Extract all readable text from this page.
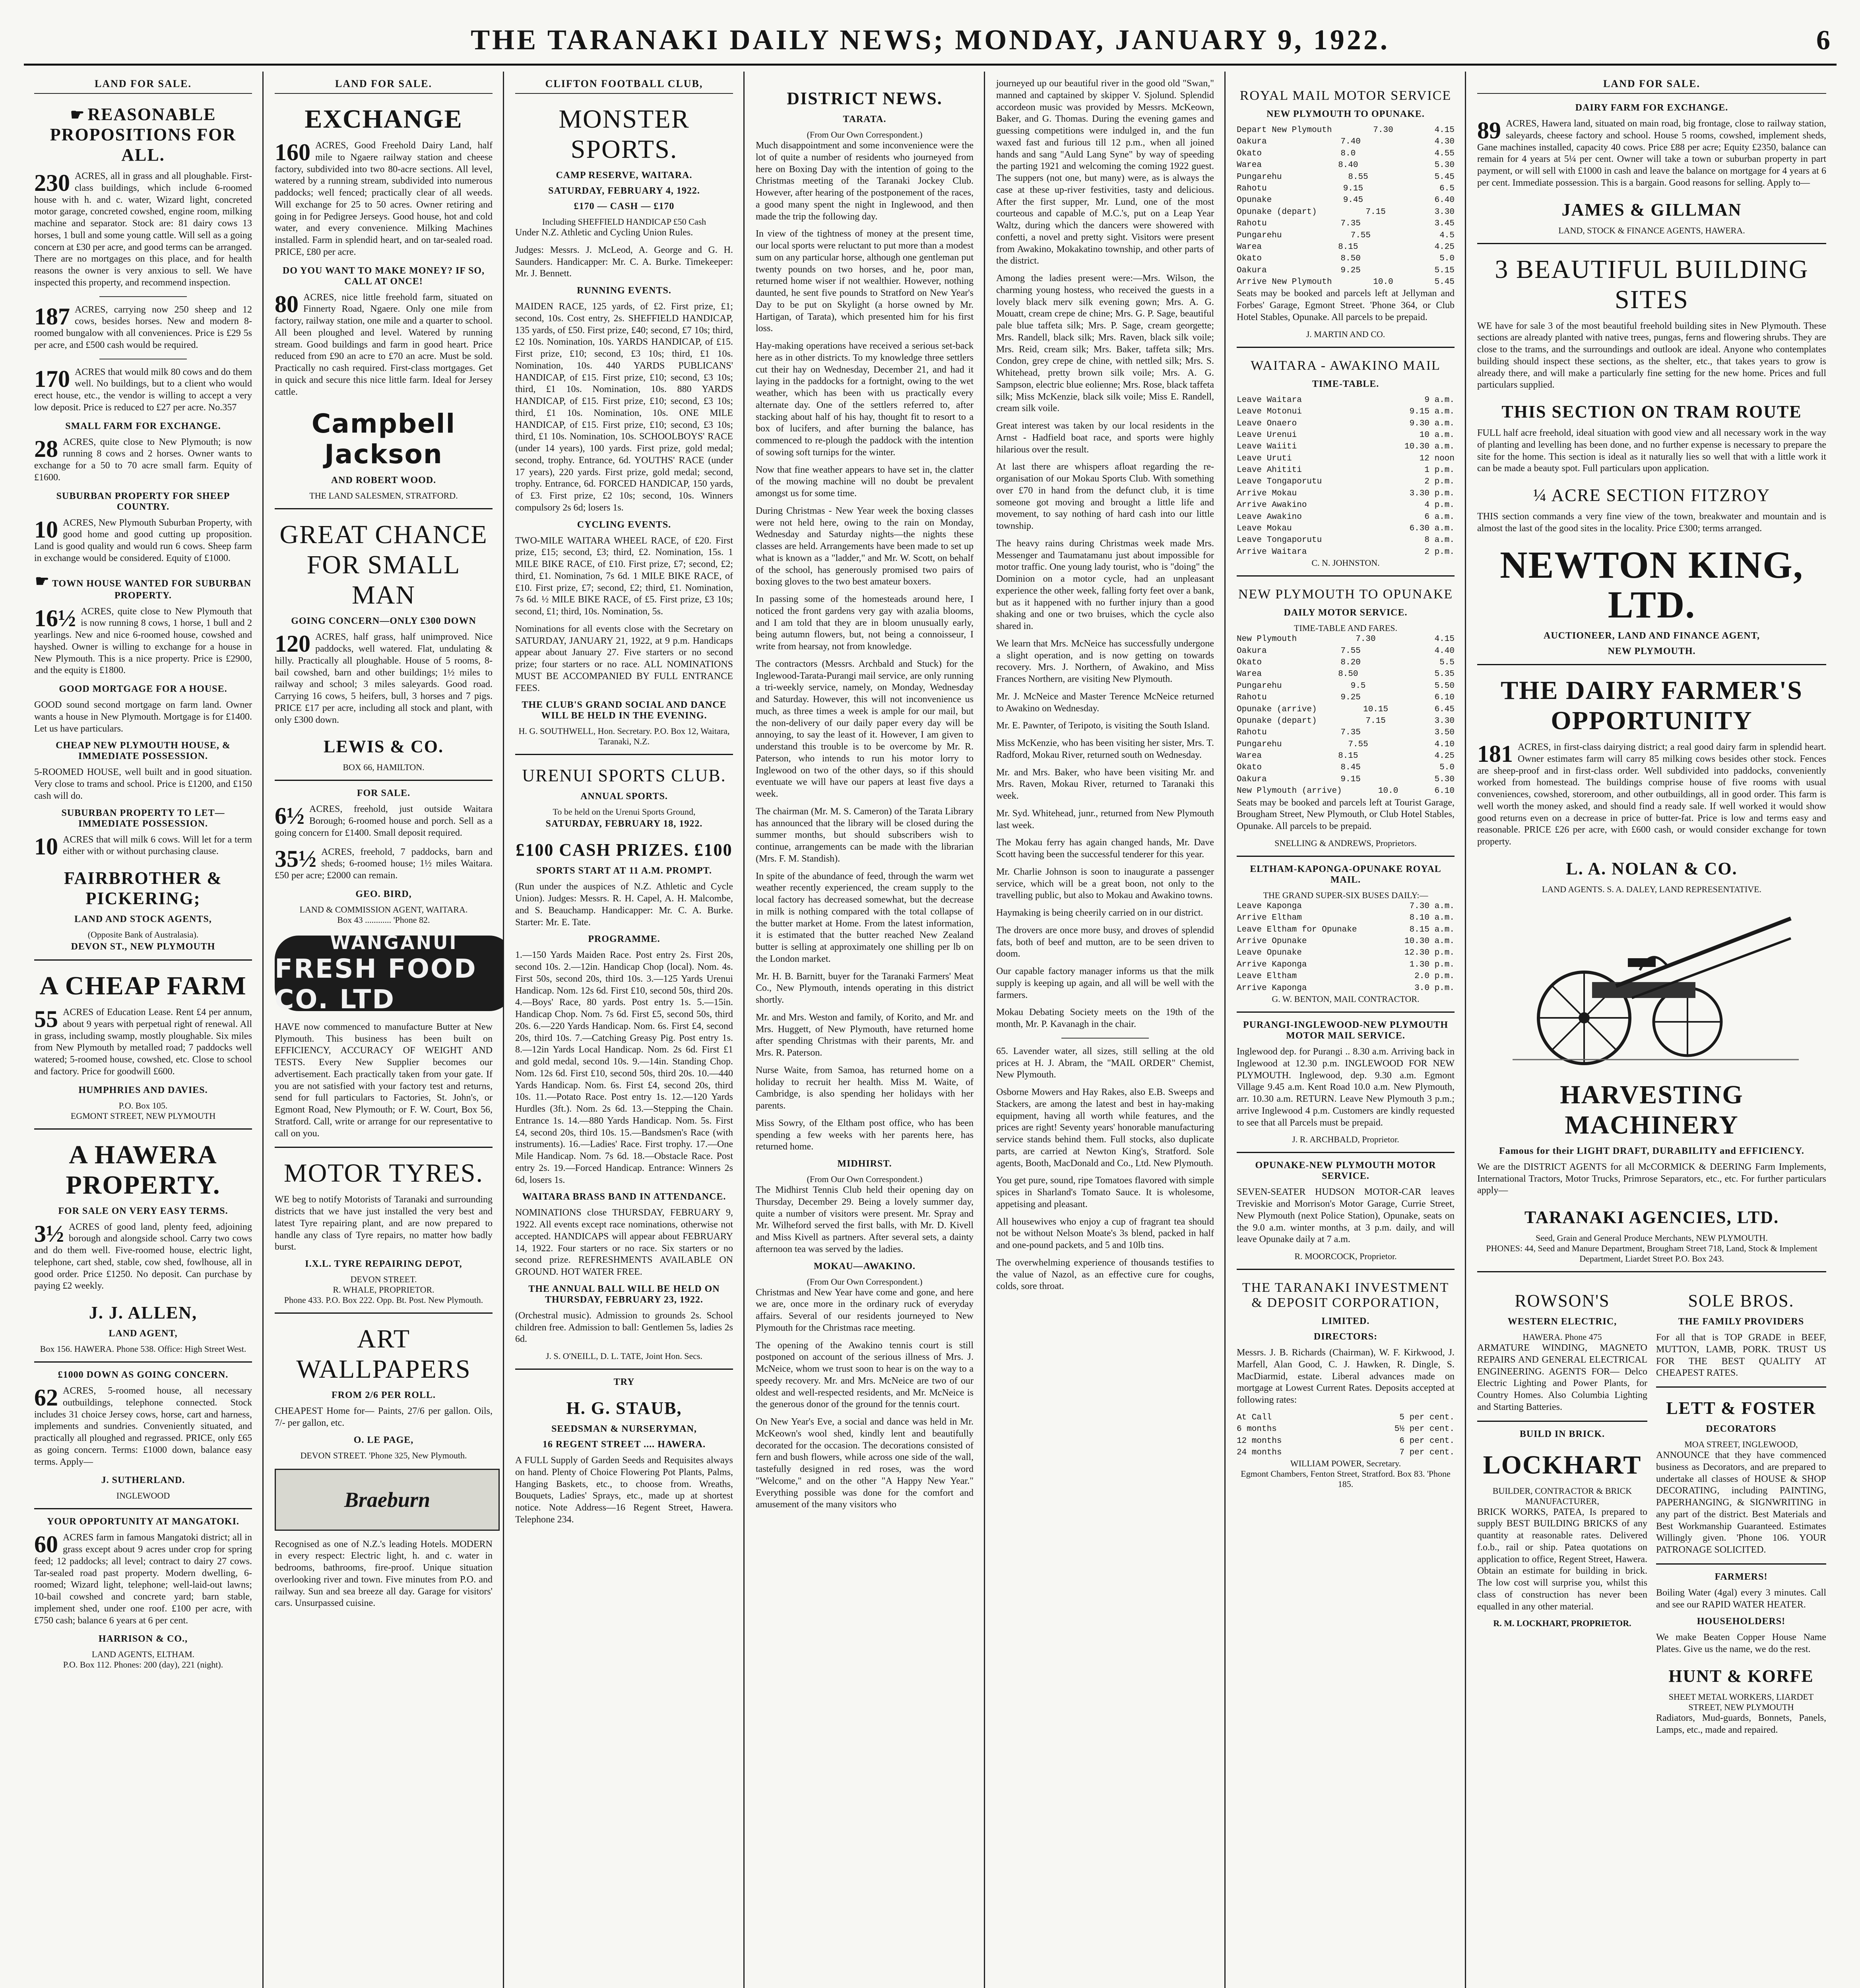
THE TARANAKI DAILY NEWS; MONDAY, JANUARY 9, 1922.	6
LAND FOR SALE.
☛ REASONABLE PROPOSITIONS FOR ALL.
230 ACRES, all in grass and all ploughable. First-class buildings, which include 6-roomed house with h. and c. water, Wizard light, concreted motor garage, concreted cowshed, engine room, milking machine and separator. Stock are: 81 dairy cows 13 horses, 1 bull and some young cattle. Will sell as a going concern at £30 per acre, and good terms can be arranged. There are no mortgages on this place, and for health reasons the owner is very anxious to sell. We have inspected this property, and recommend inspection.
187 ACRES, carrying now 250 sheep and 12 cows, besides horses. New and modern 8-roomed bungalow with all conveniences. Price is £29 5s per acre, and £500 cash would be required.
170 ACRES that would milk 80 cows and do them well. No buildings, but to a client who would erect house, etc., the vendor is willing to accept a very low deposit. Price is reduced to £27 per acre. No.357
SMALL FARM FOR EXCHANGE.
28 ACRES, quite close to New Plymouth; is now running 8 cows and 2 horses. Owner wants to exchange for a 50 to 70 acre small farm. Equity of £1600.
SUBURBAN PROPERTY FOR SHEEP COUNTRY.
10 ACRES, New Plymouth Suburban Property, with good home and good cutting up proposition. Land is good quality and would run 6 cows. Sheep farm in exchange would be considered. Equity of £1000.
☛ TOWN HOUSE WANTED FOR SUBURBAN PROPERTY.
16½ ACRES, quite close to New Plymouth that is now running 8 cows, 1 horse, 1 bull and 2 yearlings. New and nice 6-roomed house, cowshed and hayshed. Owner is willing to exchange for a house in New Plymouth. This is a nice property. Price is £2900, and the equity is £1800.
GOOD MORTGAGE FOR A HOUSE.
GOOD sound second mortgage on farm land. Owner wants a house in New Plymouth. Mortgage is for £1400. Let us have particulars.
CHEAP NEW PLYMOUTH HOUSE, & IMMEDIATE POSSESSION.
5-ROOMED HOUSE, well built and in good situation. Very close to trams and school. Price is £1200, and £150 cash will do.
SUBURBAN PROPERTY TO LET—IMMEDIATE POSSESSION.
10 ACRES that will milk 6 cows. Will let for a term either with or without purchasing clause.
FAIRBROTHER & PICKERING;
LAND AND STOCK AGENTS,
(Opposite Bank of Australasia).
DEVON ST., NEW PLYMOUTH
A CHEAP FARM
55 ACRES of Education Lease. Rent £4 per annum, about 9 years with perpetual right of renewal. All in grass, including swamp, mostly ploughable. Six miles from New Plymouth by metalled road; 7 paddocks well watered; 5-roomed house, cowshed, etc. Close to school and factory. Price for goodwill £600.
HUMPHRIES AND DAVIES.
P.O. Box 105.
EGMONT STREET, NEW PLYMOUTH
A HAWERA PROPERTY.
FOR SALE ON VERY EASY TERMS.
3½ ACRES of good land, plenty feed, adjoining borough and alongside school. Carry two cows and do them well. Five-roomed house, electric light, telephone, cart shed, stable, cow shed, fowlhouse, all in good order. Price £1250. No deposit. Can purchase by paying £2 weekly.
J. J. ALLEN,
LAND AGENT,
Box 156. HAWERA. Phone 538. Office: High Street West.
£1000 DOWN AS GOING CONCERN.
62 ACRES, 5-roomed house, all necessary outbuildings, telephone connected. Stock includes 31 choice Jersey cows, horse, cart and harness, implements and sundries. Conveniently situated, and practically all ploughed and regrassed. PRICE, only £65 as going concern. Terms: £1000 down, balance easy terms. Apply—
J. SUTHERLAND.
INGLEWOOD
YOUR OPPORTUNITY AT MANGATOKI.
60 ACRES farm in famous Mangatoki district; all in grass except about 9 acres under crop for spring feed; 12 paddocks; all level; contract to dairy 27 cows. Tar-sealed road past property. Modern dwelling, 6-roomed; Wizard light, telephone; well-laid-out lawns; 10-bail cowshed and concrete yard; barn stable, implement shed, under one roof. £100 per acre, with £750 cash; balance 6 years at 6 per cent.
HARRISON & CO.,
LAND AGENTS, ELTHAM.
P.O. Box 112. Phones: 200 (day), 221 (night).
LAND FOR SALE.
EXCHANGE
160 ACRES, Good Freehold Dairy Land, half mile to Ngaere railway station and cheese factory, subdivided into two 80-acre sections. All level, watered by a running stream, subdivided into numerous paddocks; well fenced; practically clear of all weeds. Will exchange for 25 to 50 acres. Owner retiring and going in for Pedigree Jerseys. Good house, hot and cold water, and every convenience. Milking Machines installed. Farm in splendid heart, and on tar-sealed road. PRICE, £80 per acre.
DO YOU WANT TO MAKE MONEY? IF SO, CALL AT ONCE!
80 ACRES, nice little freehold farm, situated on Finnerty Road, Ngaere. Only one mile from factory, railway station, one mile and a quarter to school. All been ploughed and level. Watered by running stream. Good buildings and farm in good heart. Price reduced from £90 an acre to £70 an acre. Must be sold. Practically no cash required. First-class mortgages. Get in quick and secure this nice little farm. Ideal for Jersey cattle.
Campbell Jackson
AND ROBERT WOOD.
THE LAND SALESMEN, STRATFORD.
GREAT CHANCE FOR SMALL MAN
GOING CONCERN—ONLY £300 DOWN
120 ACRES, half grass, half unimproved. Nice paddocks, well watered. Flat, undulating & hilly. Practically all ploughable. House of 5 rooms, 8-bail cowshed, barn and other buildings; 1½ miles to railway and school; 3 miles saleyards. Good road. Carrying 16 cows, 5 heifers, bull, 3 horses and 7 pigs. PRICE £17 per acre, including all stock and plant, with only £300 down.
LEWIS & CO.
BOX 66, HAMILTON.
FOR SALE.
6½ ACRES, freehold, just outside Waitara Borough; 6-roomed house and porch. Sell as a going concern for £1400. Small deposit required.
35½ ACRES, freehold, 7 paddocks, barn and sheds; 6-roomed house; 1½ miles Waitara. £50 per acre; £2000 can remain.
GEO. BIRD,
LAND & COMMISSION AGENT, WAITARA.
Box 43 ............ 'Phone 82.
WANGANUI
FRESH FOOD CO. LTD
HAVE now commenced to manufacture Butter at New Plymouth. This business has been built on EFFICIENCY, ACCURACY OF WEIGHT AND TESTS. Every New Supplier becomes our advertisement. Each practically taken from your gate. If you are not satisfied with your factory test and returns, send for full particulars to Factories, St. John's, or Egmont Road, New Plymouth; or F. W. Court, Box 56, Stratford. Call, write or arrange for our representative to call on you.
MOTOR TYRES.
WE beg to notify Motorists of Taranaki and surrounding districts that we have just installed the very best and latest Tyre repairing plant, and are now prepared to handle any class of Tyre repairs, no matter how badly burst.
I.X.L. TYRE REPAIRING DEPOT,
DEVON STREET.
R. WHALE, PROPRIETOR.
Phone 433. P.O. Box 222. Opp. Bt. Post. New Plymouth.
ART WALLPAPERS
FROM 2/6 PER ROLL.
CHEAPEST Home for— Paints, 27/6 per gallon. Oils, 7/- per gallon, etc.
O. LE PAGE,
DEVON STREET. 'Phone 325, New Plymouth.
Braeburn
Recognised as one of N.Z.'s leading Hotels. MODERN in every respect: Electric light, h. and c. water in bedrooms, bathrooms, fire-proof. Unique situation overlooking river and town. Five minutes from P.O. and railway. Sun and sea breeze all day. Garage for visitors' cars. Unsurpassed cuisine.
CLIFTON FOOTBALL CLUB,
MONSTER SPORTS.
CAMP RESERVE, WAITARA.
SATURDAY, FEBRUARY 4, 1922.
£170 — CASH — £170
Including SHEFFIELD HANDICAP £50 Cash
Under N.Z. Athletic and Cycling Union Rules.
Judges: Messrs. J. McLeod, A. George and G. H. Saunders. Handicapper: Mr. C. A. Burke. Timekeeper: Mr. J. Bennett.
RUNNING EVENTS.
MAIDEN RACE, 125 yards, of £2. First prize, £1; second, 10s. Cost entry, 2s. SHEFFIELD HANDICAP, 135 yards, of £50. First prize, £40; second, £7 10s; third, £2 10s. Nomination, 10s. YARDS HANDICAP, of £15. First prize, £10; second, £3 10s; third, £1 10s. Nomination, 10s. 440 YARDS PUBLICANS' HANDICAP, of £15. First prize, £10; second, £3 10s; third, £1 10s. Nomination, 10s. 880 YARDS HANDICAP, of £15. First prize, £10; second, £3 10s; third, £1 10s. Nomination, 10s. ONE MILE HANDICAP, of £15. First prize, £10; second, £3 10s; third, £1 10s. Nomination, 10s. SCHOOLBOYS' RACE (under 14 years), 100 yards. First prize, gold medal; second, trophy. Entrance, 6d. YOUTHS' RACE (under 17 years), 220 yards. First prize, gold medal; second, trophy. Entrance, 6d. FORCED HANDICAP, 150 yards, of £3. First prize, £2 10s; second, 10s. Winners compulsory 2s 6d; losers 1s.
CYCLING EVENTS.
TWO-MILE WAITARA WHEEL RACE, of £20. First prize, £15; second, £3; third, £2. Nomination, 15s. 1 MILE BIKE RACE, of £10. First prize, £7; second, £2; third, £1. Nomination, 7s 6d. 1 MILE BIKE RACE, of £10. First prize, £7; second, £2; third, £1. Nomination, 7s 6d. ½ MILE BIKE RACE, of £5. First prize, £3 10s; second, £1; third, 10s. Nomination, 5s.
Nominations for all events close with the Secretary on SATURDAY, JANUARY 21, 1922, at 9 p.m. Handicaps appear about January 27. Five starters or no second prize; four starters or no race. ALL NOMINATIONS MUST BE ACCOMPANIED BY FULL ENTRANCE FEES.
THE CLUB'S GRAND SOCIAL AND DANCE WILL BE HELD IN THE EVENING.
H. G. SOUTHWELL, Hon. Secretary. P.O. Box 12, Waitara, Taranaki, N.Z.
URENUI SPORTS CLUB.
ANNUAL SPORTS.
To be held on the Urenui Sports Ground,
SATURDAY, FEBRUARY 18, 1922.
£100 CASH PRIZES. £100
SPORTS START AT 11 A.M. PROMPT.
(Run under the auspices of N.Z. Athletic and Cycle Union). Judges: Messrs. R. H. Capel, A. H. Malcombe, and S. Beauchamp. Handicapper: Mr. C. A. Burke. Starter: Mr. E. Tate.
PROGRAMME.
1.—150 Yards Maiden Race. Post entry 2s. First 20s, second 10s. 2.—12in. Handicap Chop (local). Nom. 4s. First 50s, second 20s, third 10s. 3.—125 Yards Urenui Handicap. Nom. 12s 6d. First £10, second 50s, third 20s. 4.—Boys' Race, 80 yards. Post entry 1s. 5.—15in. Handicap Chop. Nom. 7s 6d. First £5, second 50s, third 20s. 6.—220 Yards Handicap. Nom. 6s. First £4, second 20s, third 10s. 7.—Catching Greasy Pig. Post entry 1s. 8.—12in Yards Local Handicap. Nom. 2s 6d. First £1 and gold medal, second 10s. 9.—14in. Standing Chop. Nom. 12s 6d. First £10, second 50s, third 20s. 10.—440 Yards Handicap. Nom. 6s. First £4, second 20s, third 10s. 11.—Potato Race. Post entry 1s. 12.—120 Yards Hurdles (3ft.). Nom. 2s 6d. 13.—Stepping the Chain. Entrance 1s. 14.—880 Yards Handicap. Nom. 5s. First £4, second 20s, third 10s. 15.—Bandsmen's Race (with instruments). 16.—Ladies' Race. First trophy. 17.—One Mile Handicap. Nom. 7s 6d. 18.—Obstacle Race. Post entry 2s. 19.—Forced Handicap. Entrance: Winners 2s 6d, losers 1s.
WAITARA BRASS BAND IN ATTENDANCE.
NOMINATIONS close THURSDAY, FEBRUARY 9, 1922. All events except race nominations, otherwise not accepted. HANDICAPS will appear about FEBRUARY 14, 1922. Four starters or no race. Six starters or no second prize. REFRESHMENTS AVAILABLE ON GROUND. HOT WATER FREE.
THE ANNUAL BALL WILL BE HELD ON THURSDAY, FEBRUARY 23, 1922.
(Orchestral music). Admission to grounds 2s. School children free. Admission to ball: Gentlemen 5s, ladies 2s 6d.
J. S. O'NEILL, D. L. TATE, Joint Hon. Secs.
TRY
H. G. STAUB,
SEEDSMAN & NURSERYMAN,
16 REGENT STREET .... HAWERA.
A FULL Supply of Garden Seeds and Requisites always on hand. Plenty of Choice Flowering Pot Plants, Palms, Hanging Baskets, etc., to choose from. Wreaths, Bouquets, Ladies' Sprays, etc., made up at shortest notice. Note Address—16 Regent Street, Hawera. Telephone 234.
DISTRICT NEWS.
TARATA.
(From Our Own Correspondent.)

Much disappointment and some inconvenience were the lot of quite a number of residents who journeyed from here on Boxing Day with the intention of going to the Christmas meeting of the Taranaki Jockey Club. However, after hearing of the postponement of the races, a good many spent the night in Inglewood, and then made the trip the following day.

In view of the tightness of money at the present time, our local sports were reluctant to put more than a modest sum on any particular horse, although one gentleman put twenty pounds on two horses, and he, poor man, returned home wiser if not wealthier. However, nothing daunted, he sent five pounds to Stratford on New Year's Day to be put on Skylight (a horse owned by Mr. Hartigan, of Tarata), which presented him for his first loss.

Hay-making operations have received a serious set-back here as in other districts. To my knowledge three settlers cut their hay on Wednesday, December 21, and had it laying in the paddocks for a fortnight, owing to the wet weather, which has been with us practically every alternate day. One of the settlers referred to, after stacking about half of his hay, thought fit to resort to a box of lucifers, and after burning the balance, has commenced to re-plough the paddock with the intention of sowing soft turnips for the winter.

Now that fine weather appears to have set in, the clatter of the mowing machine will no doubt be prevalent amongst us for some time.

During Christmas - New Year week the boxing classes were not held here, owing to the rain on Monday, Wednesday and Saturday nights—the nights these classes are held. Arrangements have been made to set up what is known as a "ladder," and Mr. W. Scott, on behalf of the school, has generously promised two pairs of boxing gloves to the two best amateur boxers.

In passing some of the homesteads around here, I noticed the front gardens very gay with azalia blooms, and I am told that they are in bloom unusually early, being autumn flowers, but, not being a connoisseur, I write from hearsay, not from knowledge.

The contractors (Messrs. Archbald and Stuck) for the Inglewood-Tarata-Purangi mail service, are only running a tri-weekly service, namely, on Monday, Wednesday and Saturday. However, this will not inconvenience us much, as three times a week is ample for our mail, but the non-delivery of our daily paper every day will be annoying, to say the least of it. However, I am given to understand this trouble is to be overcome by Mr. R. Paterson, who intends to run his motor lorry to Inglewood on two of the other days, so if this should eventuate we will have our papers at least five days a week.

The chairman (Mr. M. S. Cameron) of the Tarata Library has announced that the library will be closed during the summer months, but should subscribers wish to continue, arrangements can be made with the librarian (Mrs. F. M. Standish).

In spite of the abundance of feed, through the warm wet weather recently experienced, the cream supply to the local factory has decreased somewhat, but the decrease in milk is nothing compared with the total collapse of the butter market at Home. From the latest information, it is estimated that the butter reached New Zealand butter is selling at approximately one shilling per lb on the London market.

Mr. H. B. Barnitt, buyer for the Taranaki Farmers' Meat Co., New Plymouth, intends operating in this district shortly.

Mr. and Mrs. Weston and family, of Korito, and Mr. and Mrs. Huggett, of New Plymouth, have returned home after spending Christmas with their parents, Mr. and Mrs. R. Paterson.

Nurse Waite, from Samoa, has returned home on a holiday to recruit her health. Miss M. Waite, of Cambridge, is also spending her holidays with her parents.

Miss Sowry, of the Eltham post office, who has been spending a few weeks with her parents here, has returned home.

MIDHIRST.
(From Our Own Correspondent.)

The Midhirst Tennis Club held their opening day on Thursday, December 29. Being a lovely summer day, quite a number of visitors were present. Mr. Spray and Mr. Wilheford served the first balls, with Mr. D. Kivell and Miss Kivell as partners. After several sets, a dainty afternoon tea was served by the ladies.

MOKAU—AWAKINO.
(From Our Own Correspondent.)

Christmas and New Year have come and gone, and here we are, once more in the ordinary ruck of everyday affairs. Several of our residents journeyed to New Plymouth for the Christmas race meeting.

The opening of the Awakino tennis court is still postponed on account of the serious illness of Mrs. J. McNeice, whom we trust soon to hear is on the way to a speedy recovery. Mr. and Mrs. McNeice are two of our oldest and well-respected residents, and Mr. McNeice is the generous donor of the ground for the tennis court.

On New Year's Eve, a social and dance was held in Mr. McKeown's wool shed, kindly lent and beautifully decorated for the occasion. The decorations consisted of fern and bush flowers, while across one side of the wall, tastefully designed in red roses, was the word "Welcome," and on the other "A Happy New Year." Everything possible was done for the comfort and amusement of the many visitors who

journeyed up our beautiful river in the good old "Swan," manned and captained by skipper V. Sjolund. Splendid accordeon music was provided by Messrs. McKeown, Baker, and G. Thomas. During the evening games and guessing competitions were indulged in, and the fun waxed fast and furious till 12 p.m., when all joined hands and sang "Auld Lang Syne" by way of speeding the parting 1921 and welcoming the coming 1922 guest. The suppers (not one, but many) were, as is always the case at these up-river festivities, tasty and delicious. After the first supper, Mr. Lund, one of the most courteous and capable of M.C.'s, put on a Leap Year Waltz, during which the dancers were showered with confetti, a novel and pretty sight. Visitors were present from Awakino, Mokakatino township, and other parts of the district.

Among the ladies present were:—Mrs. Wilson, the charming young hostess, who received the guests in a lovely black merv silk evening gown; Mrs. A. G. Mouatt, cream crepe de chine; Mrs. G. P. Sage, beautiful pale blue taffeta silk; Mrs. P. Sage, cream georgette; Mrs. Randell, black silk; Mrs. Raven, black silk voile; Mrs. Reid, cream silk; Mrs. Baker, taffeta silk; Mrs. Condon, grey crepe de chine, with nettled silk; Mrs. S. Whitehead, pretty brown silk voile; Mrs. A. G. Sampson, electric blue eolienne; Mrs. Rose, black taffeta silk; Miss McKenzie, black silk voile; Miss E. Randell, cream silk voile.

Great interest was taken by our local residents in the Arnst - Hadfield boat race, and sports were highly hilarious over the result.

At last there are whispers afloat regarding the re-organisation of our Mokau Sports Club. With something over £70 in hand from the defunct club, it is time someone got moving and brought a little life and movement, to say nothing of hard cash into our little township.

The heavy rains during Christmas week made Mrs. Messenger and Taumatamanu just about impossible for motor traffic. One young lady tourist, who is "doing" the Dominion on a motor cycle, had an unpleasant experience the other week, falling forty feet over a bank, but as it happened with no further injury than a good shaking and one or two bruises, which the cycle also shared in.

We learn that Mrs. McNeice has successfully undergone a slight operation, and is now getting on towards recovery. Mrs. J. Northern, of Awakino, and Miss Frances Northern, are visiting New Plymouth.

Mr. J. McNeice and Master Terence McNeice returned to Awakino on Wednesday.

Mr. E. Pawnter, of Teripoto, is visiting the South Island.

Miss McKenzie, who has been visiting her sister, Mrs. T. Radford, Mokau River, returned south on Wednesday.

Mr. and Mrs. Baker, who have been visiting Mr. and Mrs. Raven, Mokau River, returned to Taranaki this week.

Mr. Syd. Whitehead, junr., returned from New Plymouth last week.

The Mokau ferry has again changed hands, Mr. Dave Scott having been the successful tenderer for this year.

Mr. Charlie Johnson is soon to inaugurate a passenger service, which will be a great boon, not only to the travelling public, but also to Mokau and Awakino towns.

Haymaking is being cheerily carried on in our district.

The drovers are once more busy, and droves of splendid fats, both of beef and mutton, are to be seen driven to doom.

Our capable factory manager informs us that the milk supply is keeping up again, and all will be well with the farmers.

Mokau Debating Society meets on the 19th of the month, Mr. P. Kavanagh in the chair.

65. Lavender water, all sizes, still selling at the old prices at H. J. Abram, the "MAIL ORDER" Chemist, New Plymouth.

Osborne Mowers and Hay Rakes, also E.B. Sweeps and Stackers, are among the latest and best in hay-making equipment, having all worth while features, and the prices are right! Seventy years' honorable manufacturing service stands behind them. Full stocks, also duplicate parts, are carried at Newton King's, Stratford. Sole agents, Booth, MacDonald and Co., Ltd. New Plymouth.

You get pure, sound, ripe Tomatoes flavored with simple spices in Sharland's Tomato Sauce. It is wholesome, appetising and pleasant.

All housewives who enjoy a cup of fragrant tea should not be without Nelson Moate's 3s blend, packed in half and one-pound packets, and 5 and 10lb tins.

The overwhelming experience of thousands testifies to the value of Nazol, as an effective cure for coughs, colds, sore throat.

ROYAL MAIL MOTOR SERVICE
NEW PLYMOUTH TO OPUNAKE.
Depart New Plymouth	7.30	4.15
Oakura	7.40	4.30
Okato	8.0	4.55
Warea	8.40	5.30
Pungarehu	8.55	5.45
Rahotu	9.15	6.5
Opunake	9.45	6.40
Opunake (depart)	7.15	3.30
Rahotu	7.35	3.45
Pungarehu	7.55	4.5
Warea	8.15	4.25
Okato	8.50	5.0
Oakura	9.25	5.15
Arrive New Plymouth	10.0	5.45
Seats may be booked and parcels left at Jellyman and Forbes' Garage, Egmont Street. 'Phone 364, or Club Hotel Stables, Opunake. All parcels to be prepaid.
J. MARTIN AND CO.
WAITARA - AWAKINO MAIL
TIME-TABLE.
Leave Waitara	9 a.m.
Leave Motonui	9.15 a.m.
Leave Onaero	9.30 a.m.
Leave Urenui	10 a.m.
Leave Waiiti	10.30 a.m.
Leave Uruti	12 noon
Leave Ahititi	1 p.m.
Leave Tongaporutu	2 p.m.
Arrive Mokau	3.30 p.m.
Arrive Awakino	4 p.m.
Leave Awakino	6 a.m.
Leave Mokau	6.30 a.m.
Leave Tongaporutu	8 a.m.
Arrive Waitara	2 p.m.
C. N. JOHNSTON.
NEW PLYMOUTH TO OPUNAKE
DAILY MOTOR SERVICE.
TIME-TABLE AND FARES.
New Plymouth	7.30	4.15
Oakura	7.55	4.40
Okato	8.20	5.5
Warea	8.50	5.35
Pungarehu	9.5	5.50
Rahotu	9.25	6.10
Opunake (arrive)	10.15	6.45
Opunake (depart)	7.15	3.30
Rahotu	7.35	3.50
Pungarehu	7.55	4.10
Warea	8.15	4.25
Okato	8.45	5.0
Oakura	9.15	5.30
New Plymouth (arrive)	10.0	6.10
Seats may be booked and parcels left at Tourist Garage, Brougham Street, New Plymouth, or Club Hotel Stables, Opunake. All parcels to be prepaid.
SNELLING & ANDREWS, Proprietors.
ELTHAM-KAPONGA-OPUNAKE ROYAL MAIL.
THE GRAND SUPER-SIX BUSES DAILY:—
Leave Kaponga	7.30 a.m.
Arrive Eltham	8.10 a.m.
Leave Eltham for Opunake	8.15 a.m.
Arrive Opunake	10.30 a.m.
Leave Opunake	12.30 p.m.
Arrive Kaponga	1.30 p.m.
Leave Eltham	2.0 p.m.
Arrive Kaponga	3.0 p.m.
G. W. BENTON, MAIL CONTRACTOR.
PURANGI-INGLEWOOD-NEW PLYMOUTH MOTOR MAIL SERVICE.
Inglewood dep. for Purangi .. 8.30 a.m. Arriving back in Inglewood at 12.30 p.m. INGLEWOOD FOR NEW PLYMOUTH. Inglewood, dep. 9.30 a.m. Egmont Village 9.45 a.m. Kent Road 10.0 a.m. New Plymouth, arr. 10.30 a.m. RETURN. Leave New Plymouth 3 p.m.; arrive Inglewood 4 p.m. Customers are kindly requested to see that all Parcels must be prepaid.
J. R. ARCHBALD, Proprietor.
OPUNAKE-NEW PLYMOUTH MOTOR SERVICE.
SEVEN-SEATER HUDSON MOTOR-CAR leaves Treviskie and Morrison's Motor Garage, Currie Street, New Plymouth (next Police Station), Opunake, seats on the 9.0 a.m. winter months, at 3 p.m. daily, and will leave Opunake daily at 7 a.m.
R. MOORCOCK, Proprietor.
THE TARANAKI INVESTMENT & DEPOSIT CORPORATION,
LIMITED.
DIRECTORS:
Messrs. J. B. Richards (Chairman), W. F. Kirkwood, J. Marfell, Alan Good, C. J. Hawken, R. Dingle, S. MacDiarmid, estate. Liberal advances made on mortgage at Lowest Current Rates. Deposits accepted at following rates:
At Call	5 per cent.
6 months	5½ per cent.
12 months	6 per cent.
24 months	7 per cent.
WILLIAM POWER, Secretary.
Egmont Chambers, Fenton Street, Stratford. Box 83. 'Phone 185.
LAND FOR SALE.
DAIRY FARM FOR EXCHANGE.
89 ACRES, Hawera land, situated on main road, big frontage, close to railway station, saleyards, cheese factory and school. House 5 rooms, cowshed, implement sheds, Gane machines installed, capacity 40 cows. Price £88 per acre; Equity £2350, balance can remain for 4 years at 5¼ per cent. Owner will take a town or suburban property in part payment, or will sell with £1000 in cash and leave the balance on mortgage for 4 years at 6 per cent. Immediate possession. This is a bargain. Good reasons for selling. Apply to—
JAMES & GILLMAN
LAND, STOCK & FINANCE AGENTS, HAWERA.
3 BEAUTIFUL BUILDING SITES
WE have for sale 3 of the most beautiful freehold building sites in New Plymouth. These sections are already planted with native trees, pungas, ferns and flowering shrubs. They are close to the trams, and the surroundings and outlook are ideal. Anyone who contemplates building should inspect these sections, as the shelter, etc., that takes years to grow is already there, and will make a particularly fine setting for the new home. Prices and full particulars supplied.
THIS SECTION ON TRAM ROUTE
FULL half acre freehold, ideal situation with good view and all necessary work in the way of planting and levelling has been done, and no further expense is necessary to prepare the site for the home. This section is ideal as it naturally lies so well that with a little work it can be made a beauty spot. Full particulars upon application.
¼ ACRE SECTION FITZROY
THIS section commands a very fine view of the town, breakwater and mountain and is almost the last of the good sites in the locality. Price £300; terms arranged.
NEWTON KING, LTD.
AUCTIONEER, LAND AND FINANCE AGENT,
NEW PLYMOUTH.
THE DAIRY FARMER'S OPPORTUNITY
181 ACRES, in first-class dairying district; a real good dairy farm in splendid heart. Owner estimates farm will carry 85 milking cows besides other stock. Fences are sheep-proof and in first-class order. Well subdivided into paddocks, conveniently worked from homestead. The buildings comprise house of five rooms with usual conveniences, cowshed, storeroom, and other outbuildings, all in good order. This farm is well worth the money asked, and should find a ready sale. If well worked it would show good returns even on a decrease in price of butter-fat. Price is low and terms easy and reasonable. PRICE £26 per acre, with £600 cash, or would consider exchange for town property.
L. A. NOLAN & CO.
LAND AGENTS. S. A. DALEY, LAND REPRESENTATIVE.
HARVESTING MACHINERY
Famous for their LIGHT DRAFT, DURABILITY and EFFICIENCY.
We are the DISTRICT AGENTS for all McCORMICK & DEERING Farm Implements, International Tractors, Motor Trucks, Primrose Separators, etc., etc. For further particulars apply—
TARANAKI AGENCIES, LTD.
Seed, Grain and General Produce Merchants, NEW PLYMOUTH.
PHONES: 44, Seed and Manure Department, Brougham Street 718, Land, Stock & Implement Department, Liardet Street P.O. Box 243.
ROWSON'S
WESTERN ELECTRIC,
HAWERA. Phone 475
ARMATURE WINDING, MAGNETO REPAIRS AND GENERAL ELECTRICAL ENGINEERING. AGENTS FOR— Delco Electric Lighting and Power Plants, for Country Homes. Also Columbia Lighting and Starting Batteries.
BUILD IN BRICK.
LOCKHART
BUILDER, CONTRACTOR & BRICK MANUFACTURER,
BRICK WORKS, PATEA, Is prepared to supply BEST BUILDING BRICKS of any quantity at reasonable rates. Delivered f.o.b., rail or ship. Patea quotations on application to office, Regent Street, Hawera. Obtain an estimate for building in brick. The low cost will surprise you, whilst this class of construction has never been equalled in any other material.
R. M. LOCKHART, PROPRIETOR.
SOLE BROS.
THE FAMILY PROVIDERS
For all that is TOP GRADE in BEEF, MUTTON, LAMB, PORK. TRUST US FOR THE BEST QUALITY AT CHEAPEST RATES.
LETT & FOSTER
DECORATORS
MOA STREET, INGLEWOOD,
ANNOUNCE that they have commenced business as Decorators, and are prepared to undertake all classes of HOUSE & SHOP DECORATING, including PAINTING, PAPERHANGING, & SIGNWRITING in any part of the district. Best Materials and Best Workmanship Guaranteed. Estimates Willingly given. 'Phone 106. YOUR PATRONAGE SOLICITED.
FARMERS!
Boiling Water (4gal) every 3 minutes. Call and see our RAPID WATER HEATER.
HOUSEHOLDERS!
We make Beaten Copper House Name Plates. Give us the name, we do the rest.
HUNT & KORFE
SHEET METAL WORKERS, LIARDET STREET, NEW PLYMOUTH
Radiators, Mud-guards, Bonnets, Panels, Lamps, etc., made and repaired.
